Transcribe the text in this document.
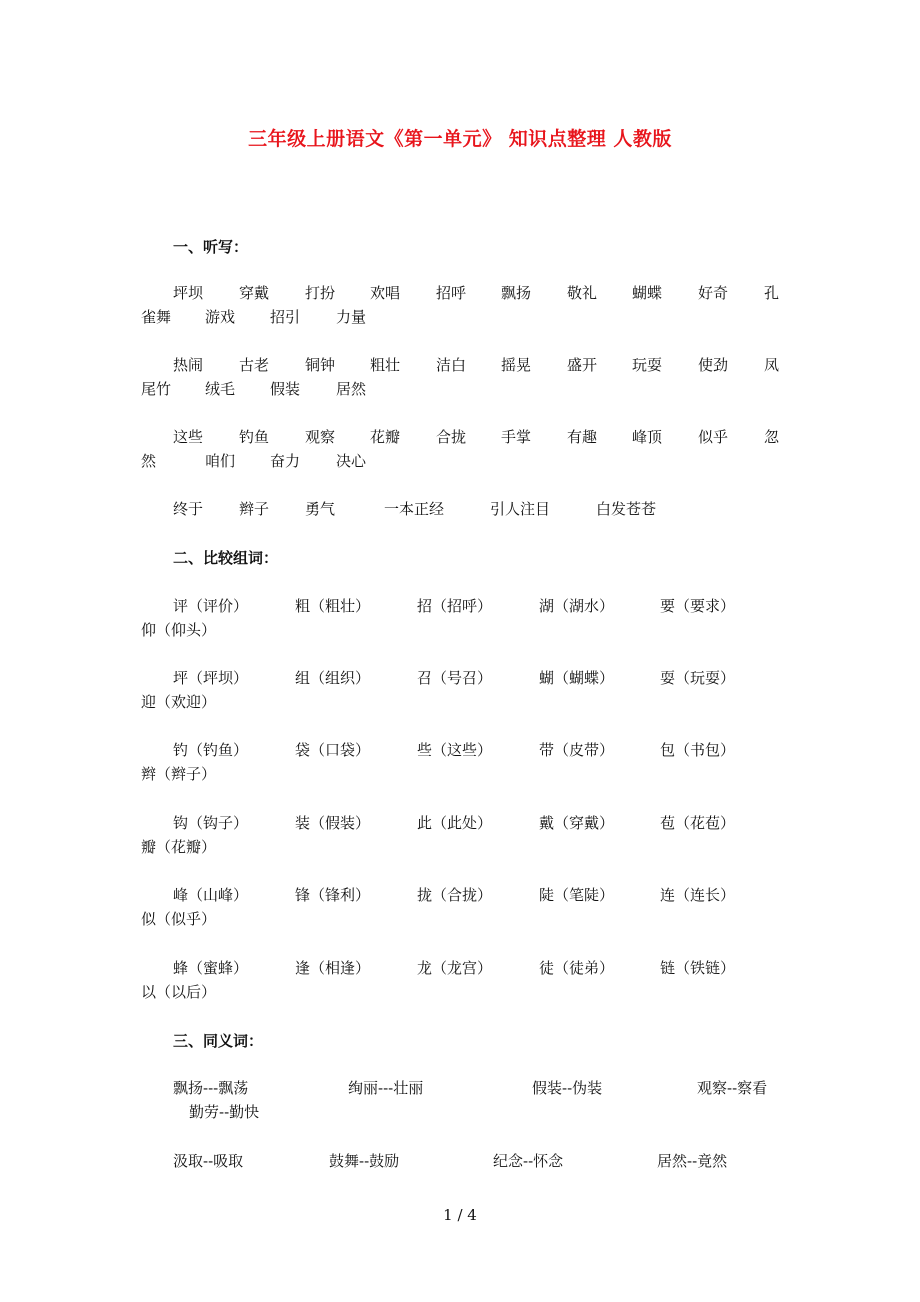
三年级上册语文《第一单元》 知识点整理 人教版
一、听写：
坪坝 穿戴 打扮 欢唱 招呼 飘扬 敬礼 蝴蝶 好奇 孔
雀舞 游戏 招引 力量
热闹 古老 铜钟 粗壮 洁白 摇晃 盛开 玩耍 使劲 凤
尾竹 绒毛 假装 居然
这些 钓鱼 观察 花瓣 合拢 手掌 有趣 峰顶 似乎 忽
然	咱们 奋力 决心
终于 辫子 勇气	一本正经	引人注目	白发苍苍
二、比较组词：
评（评价）	粗（粗壮）	招（招呼）	湖（湖水）	要（要求）
仰（仰头）
坪（坪坝）	组（组织）	召（号召）	蝴（蝴蝶）	耍（玩耍）
迎（欢迎）
钓（钓鱼）	袋（口袋）	些（这些）	带（皮带）	包（书包）
辫（辫子）
钩（钩子）	装（假装）	此（此处）	戴（穿戴）	苞（花苞）
瓣（花瓣）
峰（山峰）	锋（锋利）	拢（合拢）	陡（笔陡）	连（连长）
似（似乎）
蜂（蜜蜂）	逢（相逢）	龙（龙宫）	徒（徒弟）	链（铁链）
以（以后）
三、同义词：
飘扬---飘荡	绚丽---壮丽	假装--伪装	观察--察看
勤劳--勤快
汲取--吸取	鼓舞--鼓励	纪念--怀念	居然--竟然
1 / 4
